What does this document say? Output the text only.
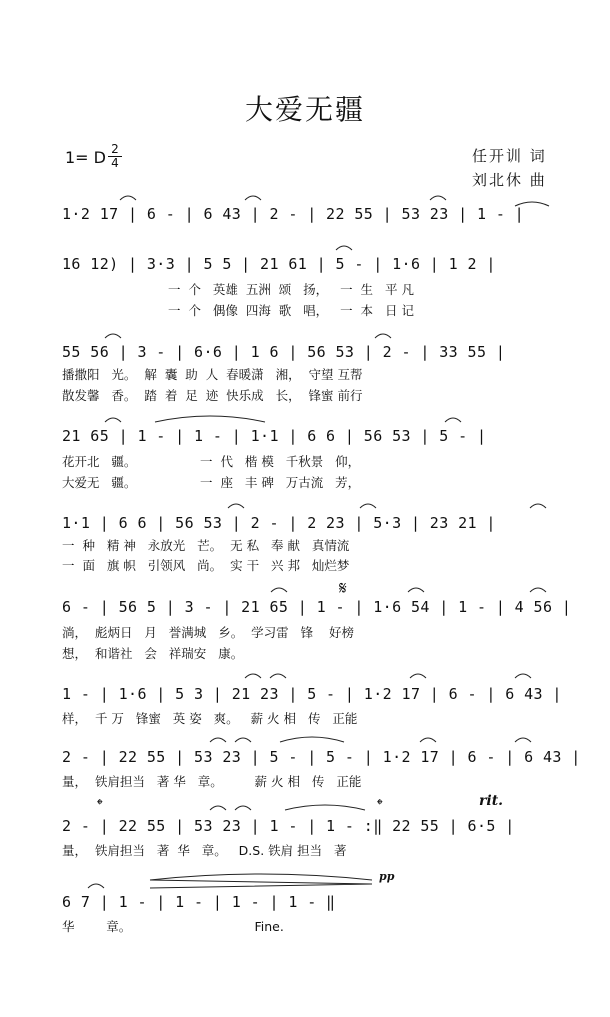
大爱无疆
1= D 2
4	任开训 词
刘北休 曲
1·2 17 | 6 - | 6 43 | 2 - | 22 55 | 53 23 | 1 - |
16 12) | 3·3 | 5 5 | 21 61 | 5 - | 1·6 | 1 2 |
一  个   英雄  五洲  颂   扬，   一  生   平 凡
一  个   偶像  四海  歌   唱，   一  本   日 记
55 56 | 3 - | 6·6 | 1 6 | 56 53 | 2 - | 33 55 |
播撒阳   光。  解  囊  助  人  春暖潇   湘，  守望 互帮
散发馨   香。  踏  着  足  迹  快乐成   长，  锋蜜 前行
21 65 | 1 - | 1 - | 1·1 | 6 6 | 56 53 | 5 - |
花开北   疆。                一  代   楷 模   千秋景   仰，
大爱无   疆。                一  座   丰 碑   万古流   芳，
1·1 | 6 6 | 56 53 | 2 - | 2 23 | 5·3 | 23 21 |
一  种   精 神   永放光   芒。  无 私   奉 献   真情流
一  面   旗 帜   引领风   尚。  实 干   兴 邦   灿烂梦
6 - | 56 5 | 3 - | 21 65 | 1 - | 1·6 54 | 1 - | 4 56 |
淌，  彪炳日   月   誉满城   乡。  学习雷   锋    好榜
想，  和谐社   会   祥瑞安   康。
1 - | 1·6 | 5 3 | 21 23 | 5 - | 1·2 17 | 6 - | 6 43 |
样，  千 万   锋蜜   英 姿   爽。   薪 火 相   传   正能
2 - | 22 55 | 53 23 | 5 - | 5 - | 1·2 17 | 6 - | 6 43 |
量，  铁肩担当   著 华   章。        薪 火 相   传   正能
2 - | 22 55 | 53 23 | 1 - | 1 - :‖ 22 55 | 6·5 |
量，  铁肩担当   著  华   章。   D.S. 铁肩 担当   著
6 7 | 1 - | 1 - | 1 - | 1 - ‖
华        章。                               Fine.
𝄋
𝄌	𝄌	rit.
pp
